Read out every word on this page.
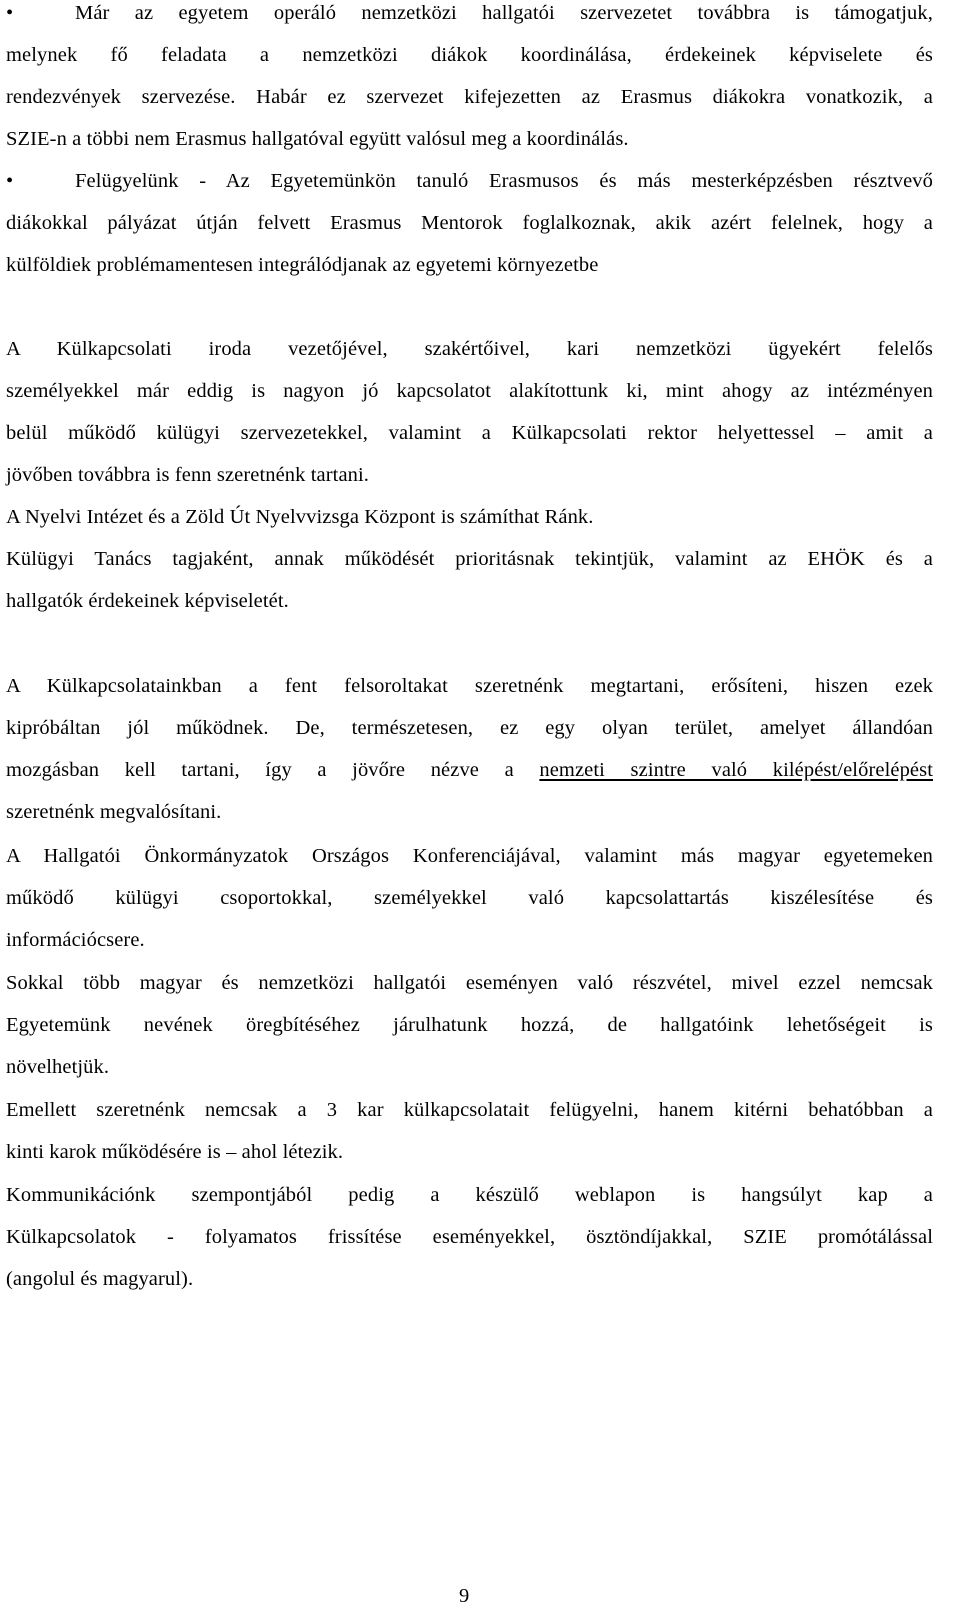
•	Már az egyetem operáló nemzetközi hallgatói szervezetet továbbra is támogatjuk,
melynek fő feladata a nemzetközi diákok koordinálása, érdekeinek képviselete és
rendezvények szervezése. Habár ez szervezet kifejezetten az Erasmus diákokra vonatkozik, a
SZIE-n a többi nem Erasmus hallgatóval együtt valósul meg a koordinálás.
•	Felügyelünk - Az Egyetemünkön tanuló Erasmusos és más mesterképzésben résztvevő
diákokkal pályázat útján felvett Erasmus Mentorok foglalkoznak, akik azért felelnek, hogy a
külföldiek problémamentesen integrálódjanak az egyetemi környezetbe
A Külkapcsolati iroda vezetőjével, szakértőivel, kari nemzetközi ügyekért felelős
személyekkel már eddig is nagyon jó kapcsolatot alakítottunk ki, mint ahogy az intézményen
belül működő külügyi szervezetekkel, valamint a Külkapcsolati rektor helyettessel – amit a
jövőben továbbra is fenn szeretnénk tartani.
A Nyelvi Intézet és a Zöld Út Nyelvvizsga Központ is számíthat Ránk.
Külügyi Tanács tagjaként, annak működését prioritásnak tekintjük, valamint az EHÖK és a
hallgatók érdekeinek képviseletét.
A Külkapcsolatainkban a fent felsoroltakat szeretnénk megtartani, erősíteni, hiszen ezek
kipróbáltan jól működnek. De, természetesen, ez egy olyan terület, amelyet állandóan
mozgásban kell tartani, így a jövőre nézve a nemzeti szintre való kilépést/előrelépést
szeretnénk megvalósítani.
A Hallgatói Önkormányzatok Országos Konferenciájával, valamint más magyar egyetemeken
működő külügyi csoportokkal, személyekkel való kapcsolattartás kiszélesítése és
információcsere.
Sokkal több magyar és nemzetközi hallgatói eseményen való részvétel, mivel ezzel nemcsak
Egyetemünk nevének öregbítéséhez járulhatunk hozzá, de hallgatóink lehetőségeit is
növelhetjük.
Emellett szeretnénk nemcsak a 3 kar külkapcsolatait felügyelni, hanem kitérni behatóbban a
kinti karok működésére is – ahol létezik.
Kommunikációnk szempontjából pedig a készülő weblapon is hangsúlyt kap a
Külkapcsolatok - folyamatos frissítése eseményekkel, ösztöndíjakkal, SZIE promótálással
(angolul és magyarul).
9
